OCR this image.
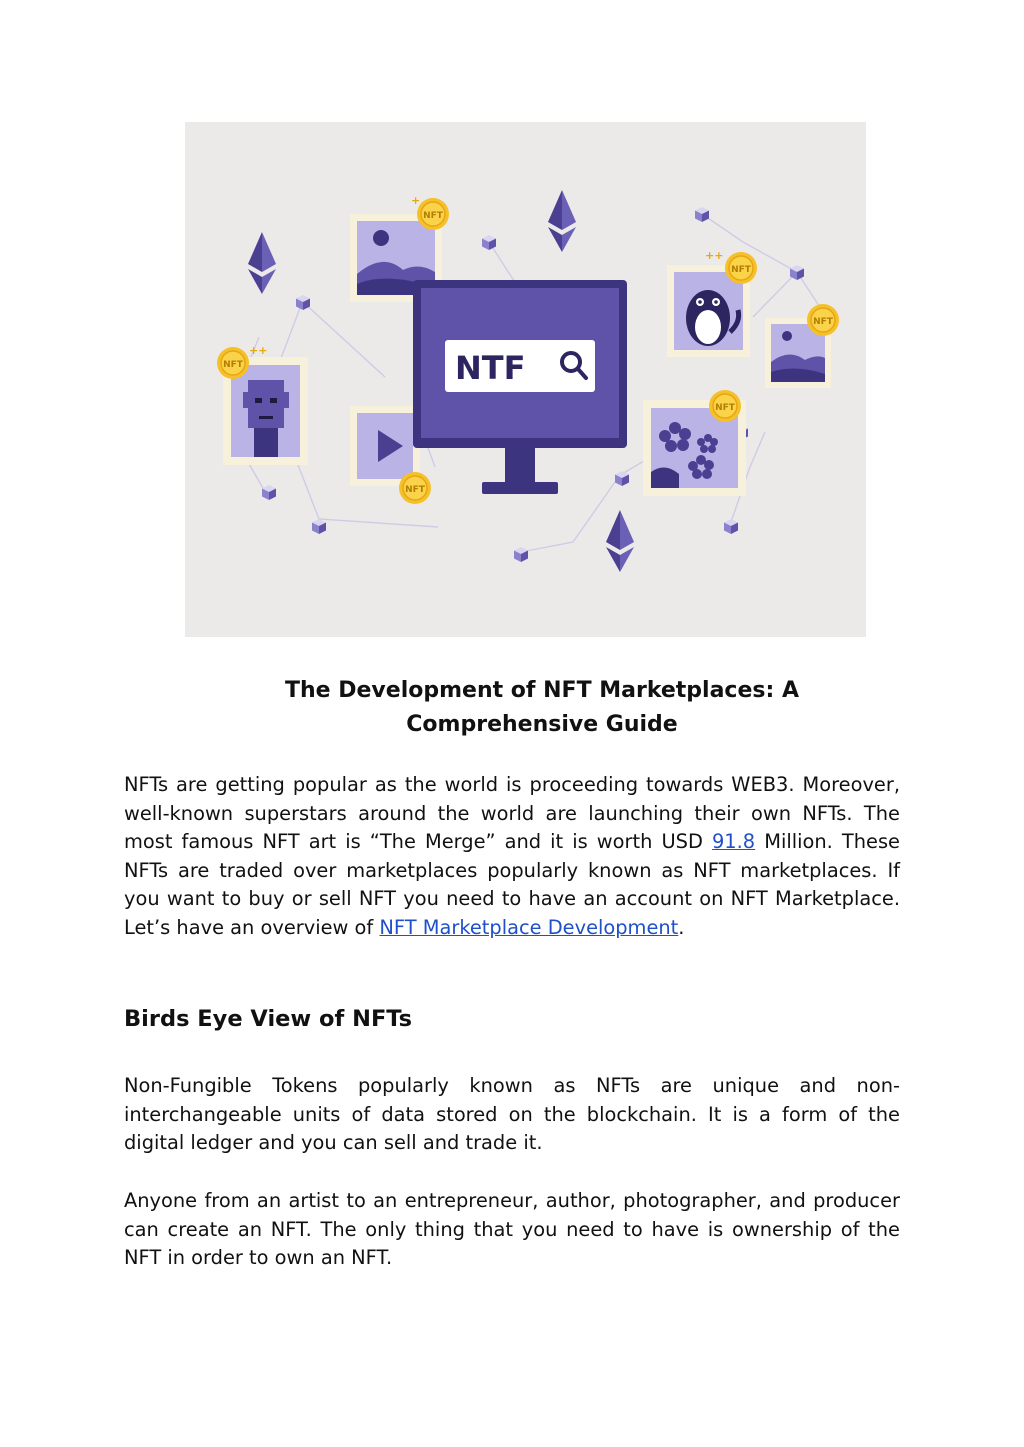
NFT
+
NFT
++
NFT
NTF
NFT
++
NFT
NFT
The Development of NFT Marketplaces: A
Comprehensive Guide

NFTs are getting popular as the world is proceeding towards WEB3. Moreover, well-known superstars around the world are launching their own NFTs. The most famous NFT art is “The Merge” and it is worth USD 91.8 Million. These NFTs are traded over marketplaces popularly known as NFT marketplaces. If you want to buy or sell NFT you need to have an account on NFT Marketplace. Let’s have an overview of NFT Marketplace Development.

Birds Eye View of NFTs

Non-Fungible Tokens popularly known as NFTs are unique and non-interchangeable units of data stored on the blockchain. It is a form of the digital ledger and you can sell and trade it.

Anyone from an artist to an entrepreneur, author, photographer, and producer can create an NFT. The only thing that you need to have is ownership of the NFT in order to own an NFT.
